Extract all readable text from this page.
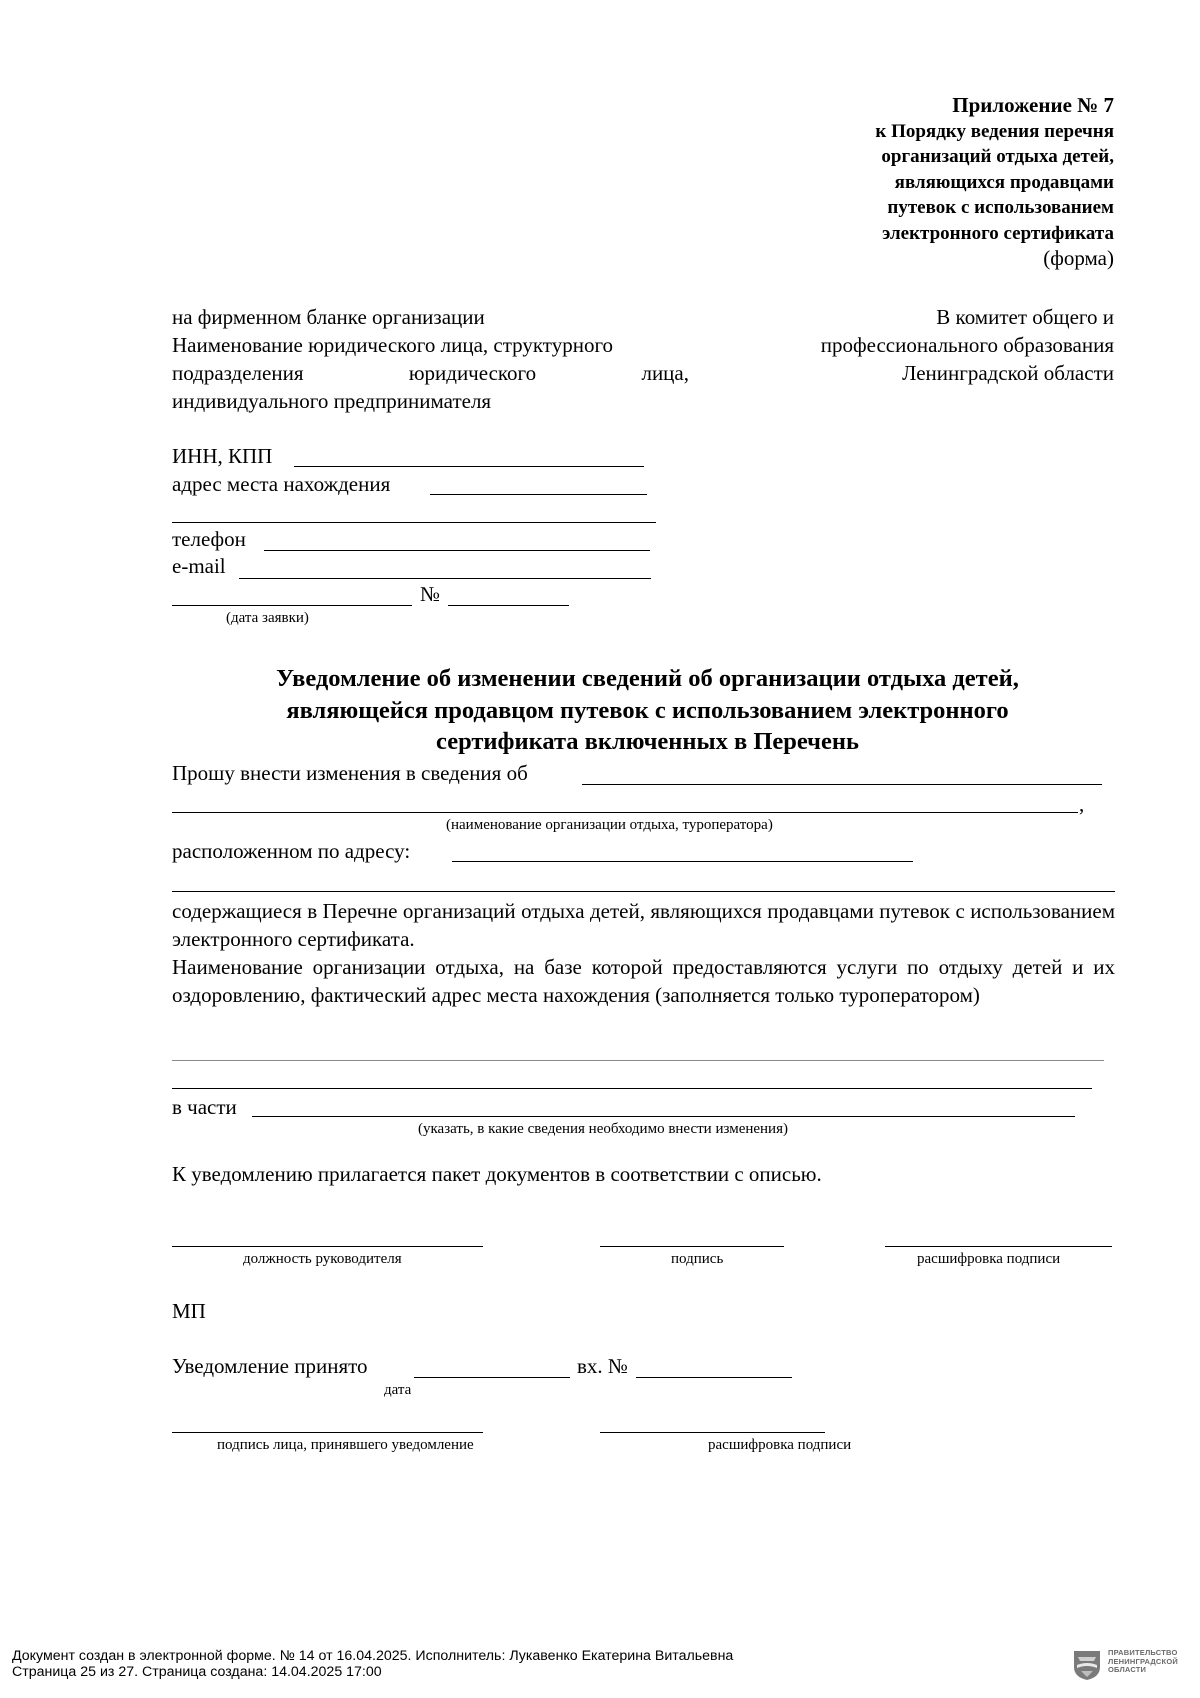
Приложение № 7
к Порядку ведения перечня
организаций отдыха детей,
являющихся продавцами
путевок с использованием
электронного сертификата
(форма)
на фирменном бланке организации
Наименование юридического лица, структурного
подразделения	юридического	лица,
индивидуального предпринимателя
ИНН, КПП
адрес места нахождения
телефон
e-mail
№
(дата заявки)
В комитет общего и
профессионального образования
Ленинградской области
Уведомление об изменении сведений об организации отдыха детей,
являющейся продавцом путевок с использованием электронного
сертификата включенных в Перечень
Прошу внести изменения в сведения об
,
(наименование организации отдыха, туроператора)
расположенном по адресу:
содержащиеся в Перечне организаций отдыха детей, являющихся продавцами путевок с использованием электронного сертификата.
Наименование организации отдыха, на базе которой предоставляются услуги по отдыху детей и их оздоровлению, фактический адрес места нахождения (заполняется только туроператором)
в части
(указать, в какие сведения необходимо внести изменения)
К уведомлению прилагается пакет документов в соответствии с описью.
должность руководителя	подпись	расшифровка подписи
МП
Уведомление принято
дата
вх. №
подпись лица, принявшего уведомление	расшифровка подписи
Документ создан в электронной форме. № 14 от 16.04.2025. Исполнитель: Лукавенко Екатерина Витальевна
Страница 25 из 27. Страница создана: 14.04.2025 17:00
ПРАВИТЕЛЬСТВО ЛЕНИНГРАДСКОЙ ОБЛАСТИ
